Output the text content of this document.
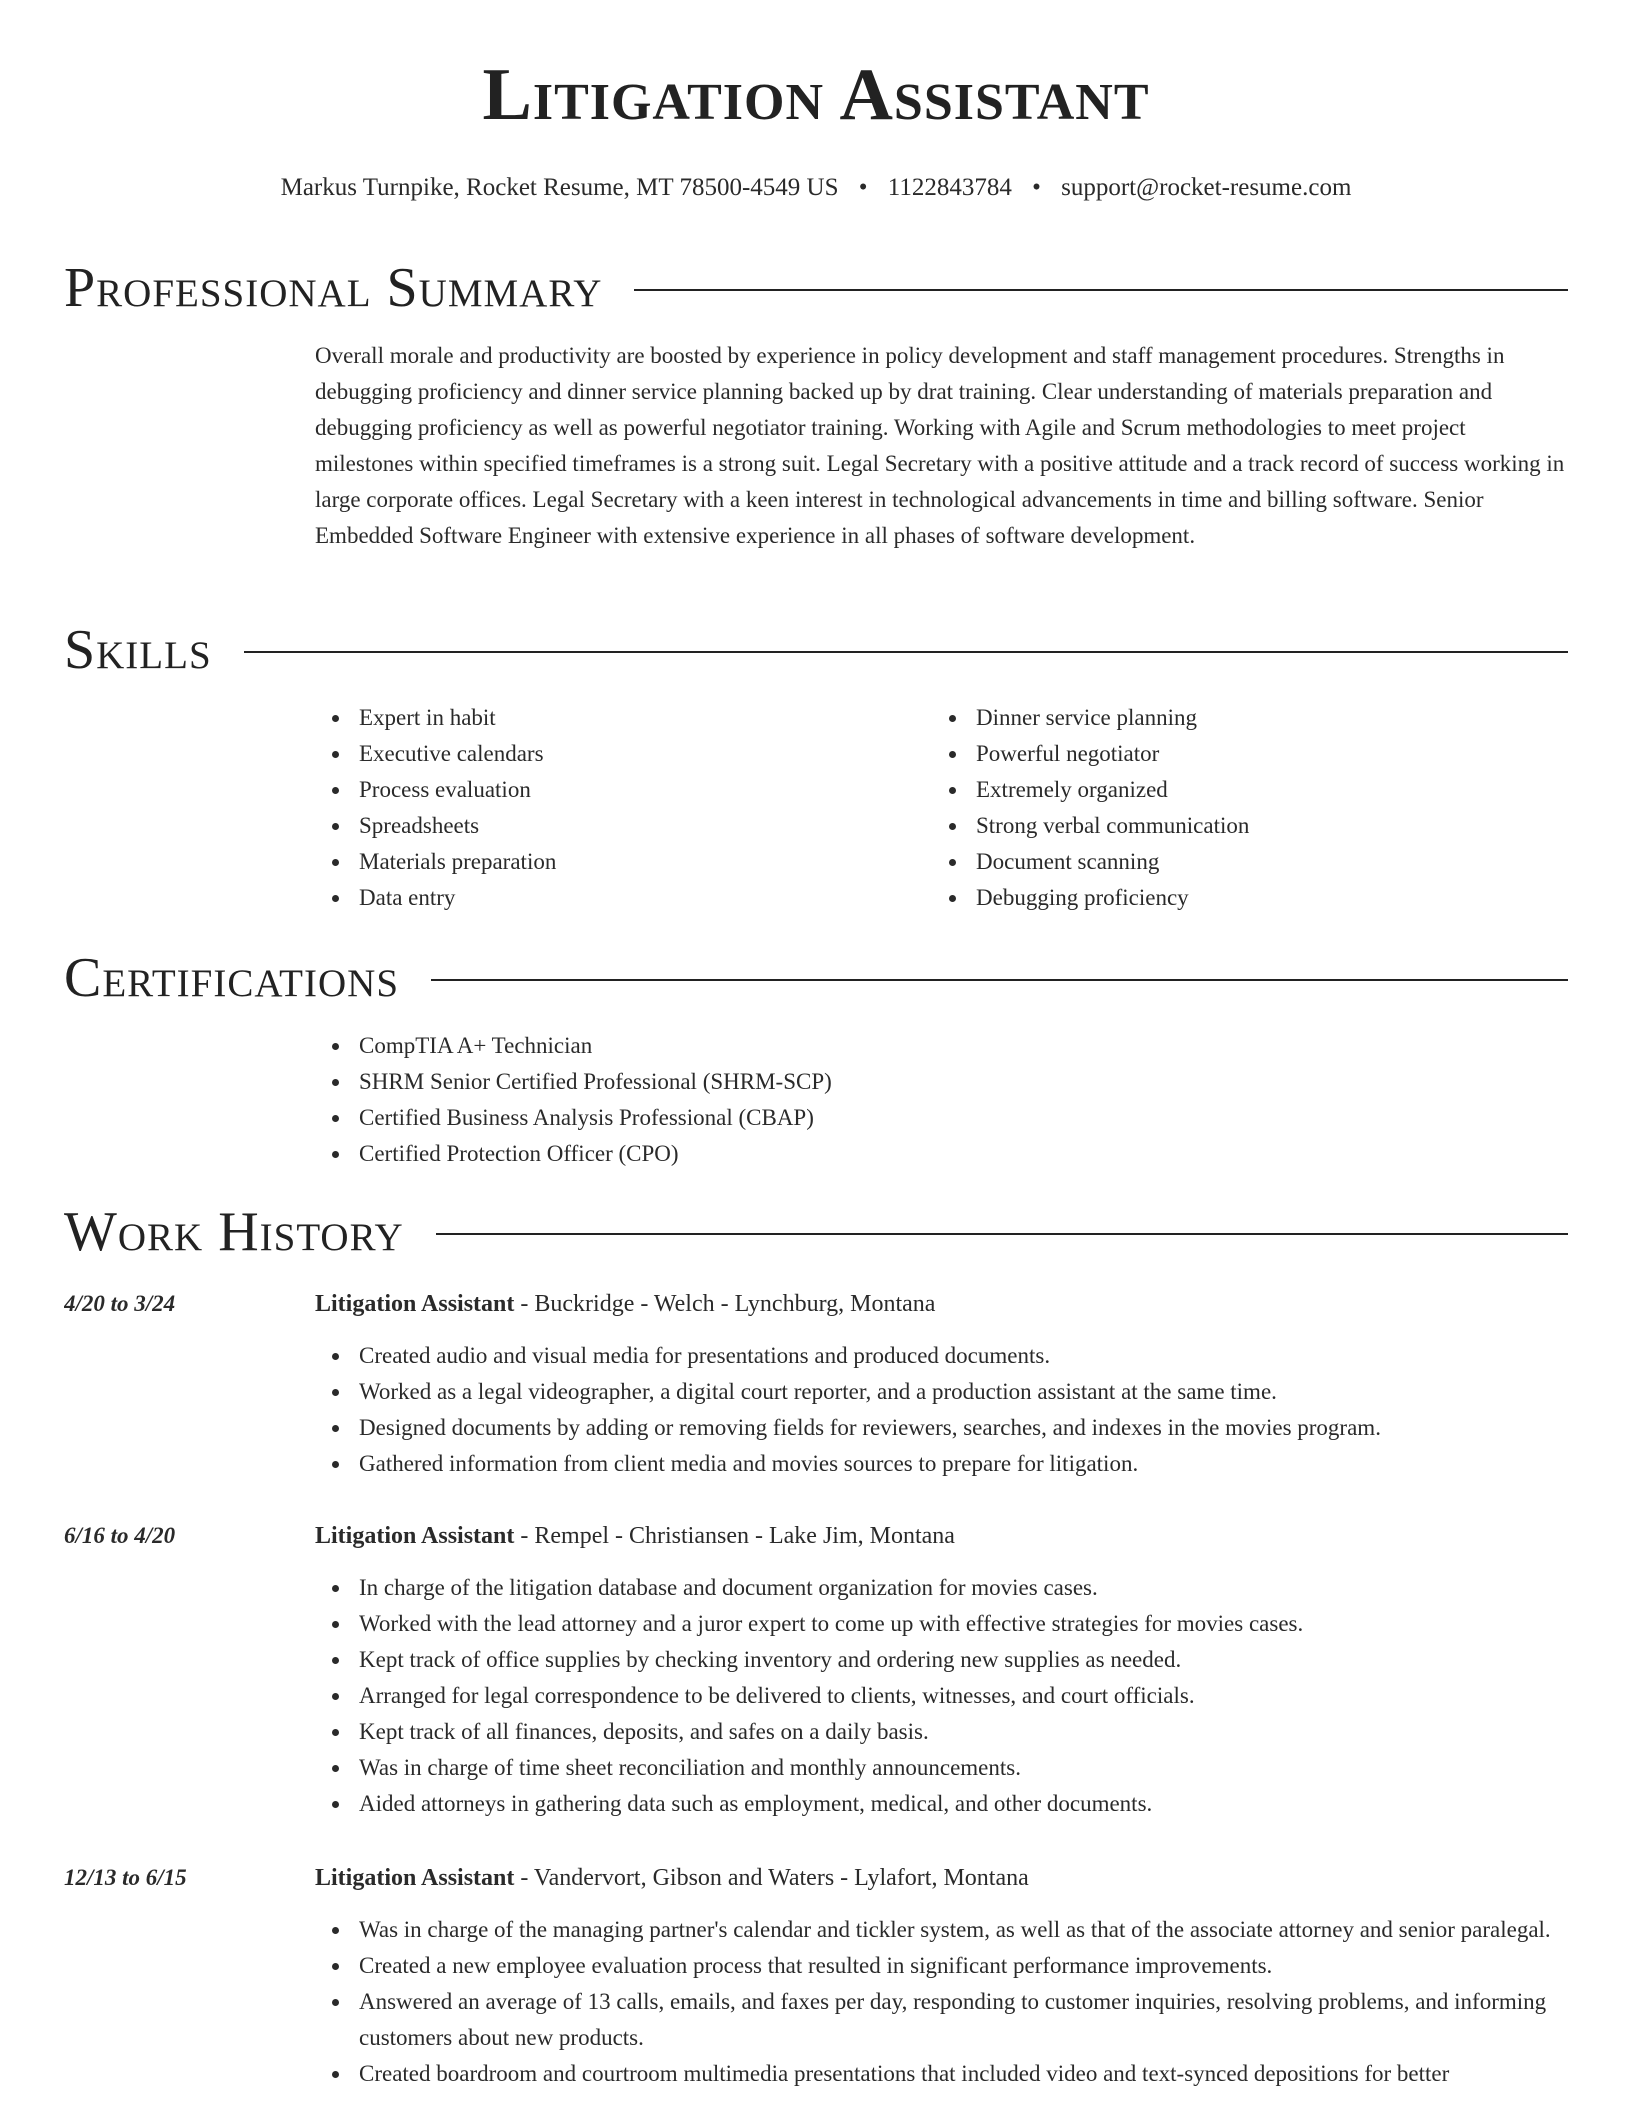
Litigation Assistant
Markus Turnpike, Rocket Resume, MT 78500-4549 US • 1122843784 • support@rocket-resume.com
Professional Summary

Overall morale and productivity are boosted by experience in policy development and staff management procedures. Strengths in debugging proficiency and dinner service planning backed up by drat training. Clear understanding of materials preparation and debugging proficiency as well as powerful negotiator training. Working with Agile and Scrum methodologies to meet project milestones within specified timeframes is a strong suit. Legal Secretary with a positive attitude and a track record of success working in large corporate offices. Legal Secretary with a keen interest in technological advancements in time and billing software. Senior Embedded Software Engineer with extensive experience in all phases of software development.

Skills
Expert in habit
Executive calendars
Process evaluation
Spreadsheets
Materials preparation
Data entry
Dinner service planning
Powerful negotiator
Extremely organized
Strong verbal communication
Document scanning
Debugging proficiency
Certifications
CompTIA A+ Technician
SHRM Senior Certified Professional (SHRM-SCP)
Certified Business Analysis Professional (CBAP)
Certified Protection Officer (CPO)
Work History
4/20 to 3/24	Litigation Assistant - Buckridge - Welch - Lynchburg, Montana
Created audio and visual media for presentations and produced documents.
Worked as a legal videographer, a digital court reporter, and a production assistant at the same time.
Designed documents by adding or removing fields for reviewers, searches, and indexes in the movies program.
Gathered information from client media and movies sources to prepare for litigation.
6/16 to 4/20	Litigation Assistant - Rempel - Christiansen - Lake Jim, Montana
In charge of the litigation database and document organization for movies cases.
Worked with the lead attorney and a juror expert to come up with effective strategies for movies cases.
Kept track of office supplies by checking inventory and ordering new supplies as needed.
Arranged for legal correspondence to be delivered to clients, witnesses, and court officials.
Kept track of all finances, deposits, and safes on a daily basis.
Was in charge of time sheet reconciliation and monthly announcements.
Aided attorneys in gathering data such as employment, medical, and other documents.
12/13 to 6/15	Litigation Assistant - Vandervort, Gibson and Waters - Lylafort, Montana
Was in charge of the managing partner's calendar and tickler system, as well as that of the associate attorney and senior paralegal.
Created a new employee evaluation process that resulted in significant performance improvements.
Answered an average of 13 calls, emails, and faxes per day, responding to customer inquiries, resolving problems, and informing customers about new products.
Created boardroom and courtroom multimedia presentations that included video and text-synced depositions for better
